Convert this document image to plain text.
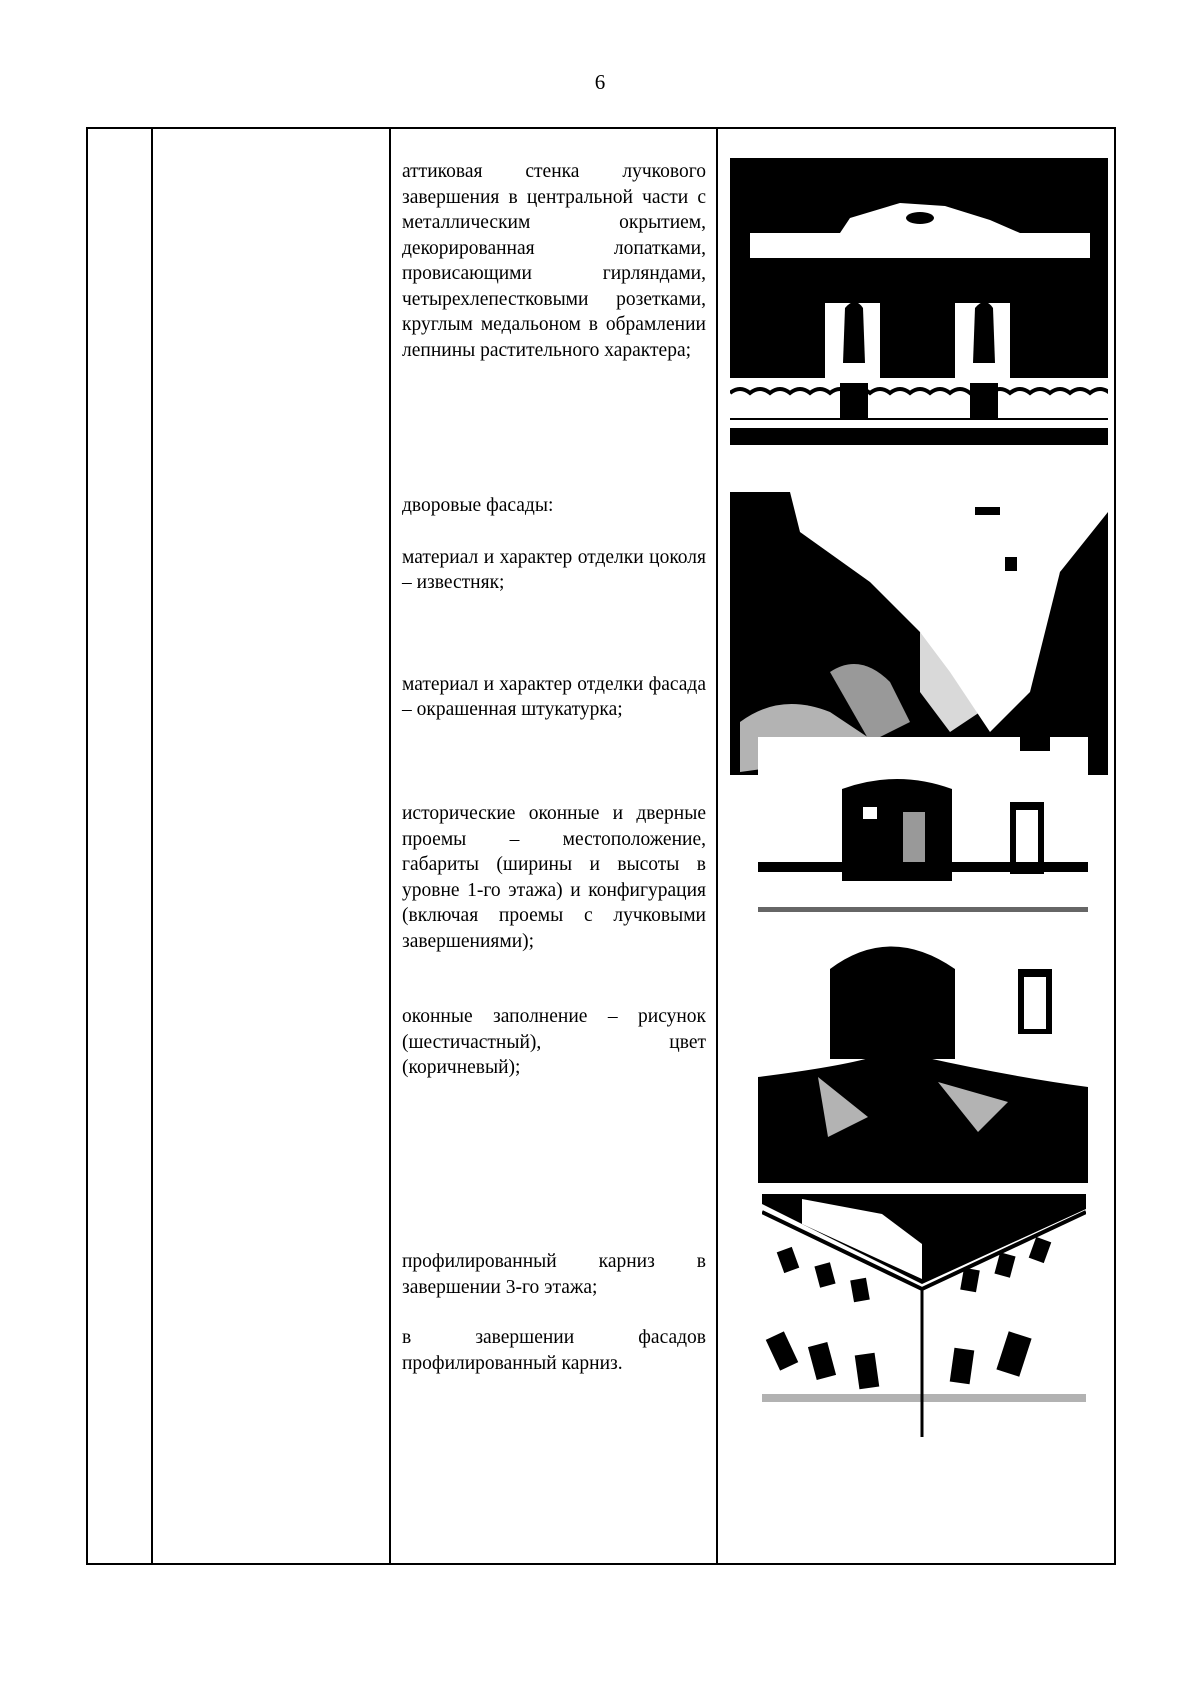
6

аттиковая стенка лучкового завершения в центральной части с металлическим окрытием, декорированная лопатками, провисающими гирляндами, четырехлепестковыми розетками, круглым медальоном в обрамлении лепнины растительного характера;

дворовые фасады:

материал и характер отделки цоколя – известняк;

материал и характер отделки фасада – окрашенная штукатурка;

исторические оконные и дверные проемы – местоположение, габариты (ширины и высоты в уровне 1-го этажа) и конфигурация (включая проемы с лучковыми завершениями);

оконные заполнение – рисунок (шестичастный), цвет (коричневый);

профилированный карниз в завершении 3-го этажа;

в завершении фасадов профилированный карниз.
